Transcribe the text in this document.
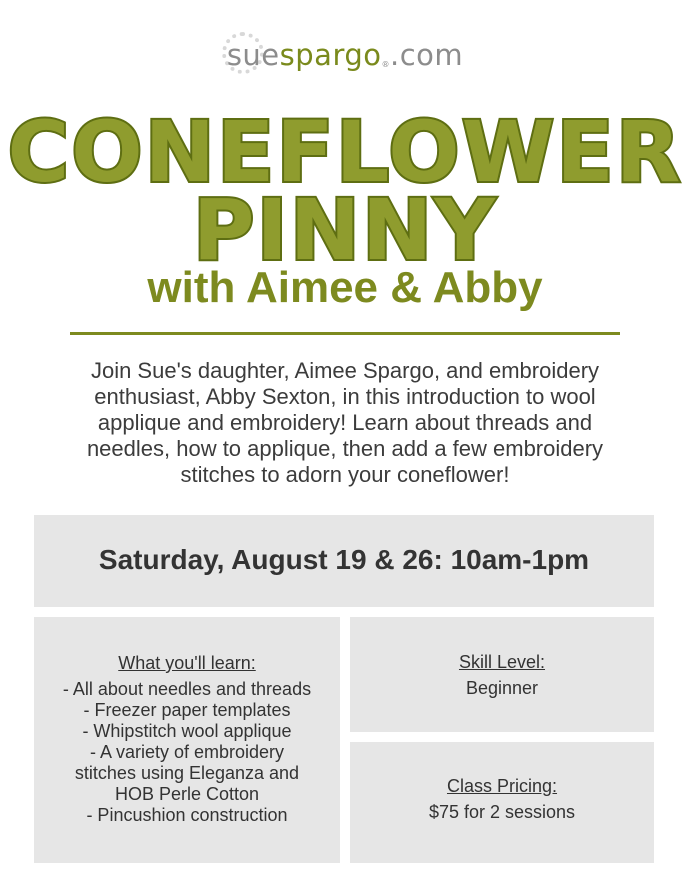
suespargo®.com
CONEFLOWER
PINNY
with Aimee & Abby
Join Sue's daughter, Aimee Spargo, and embroidery enthusiast, Abby Sexton, in this introduction to wool applique and embroidery! Learn about threads and needles, how to applique, then add a few embroidery stitches to adorn your coneflower!
Saturday, August 19 & 26: 10am-1pm
What you'll learn:
- All about needles and threads
- Freezer paper templates
- Whipstitch wool applique
- A variety of embroidery
stitches using Eleganza and
HOB Perle Cotton
- Pincushion construction
Skill Level:
Beginner
Class Pricing:
$75 for 2 sessions
